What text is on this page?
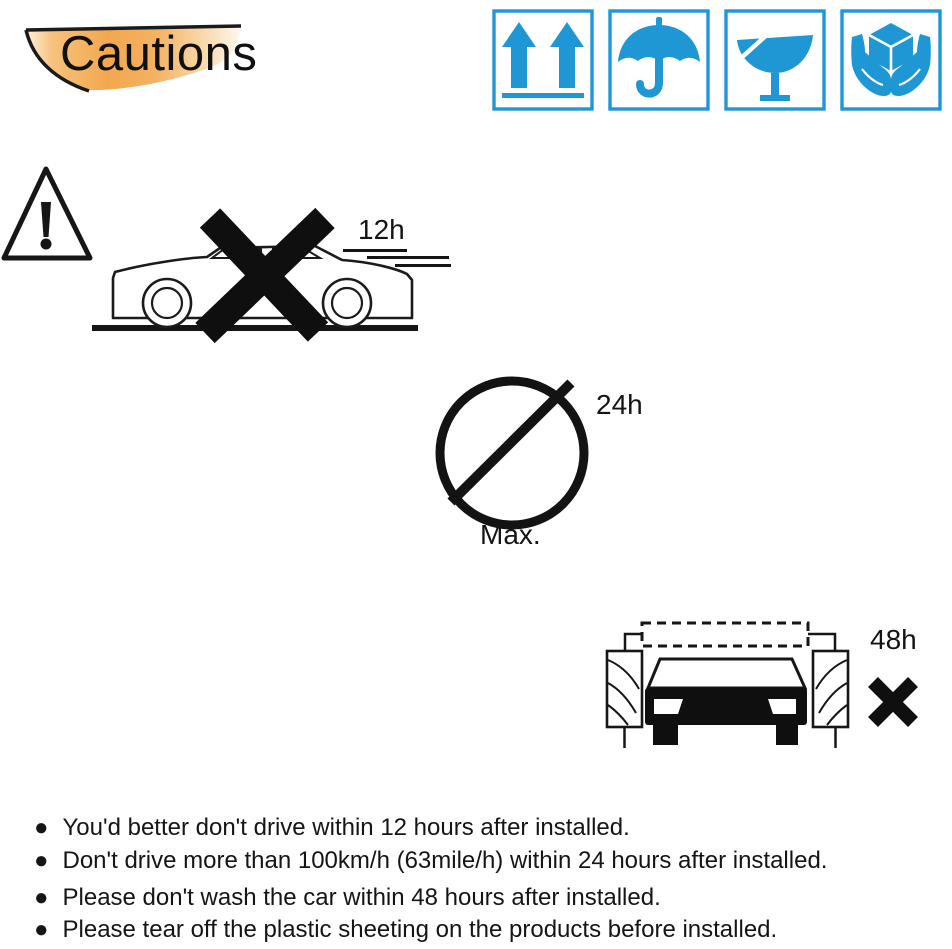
Cautions
12h
100
24h
Max.
48h
● You'd better don't drive within 12 hours after installed.
● Don't drive more than 100km/h (63mile/h) within 24 hours after installed.
● Please don't wash the car within 48 hours after installed.
● Please tear off the plastic sheeting on the products before installed.
